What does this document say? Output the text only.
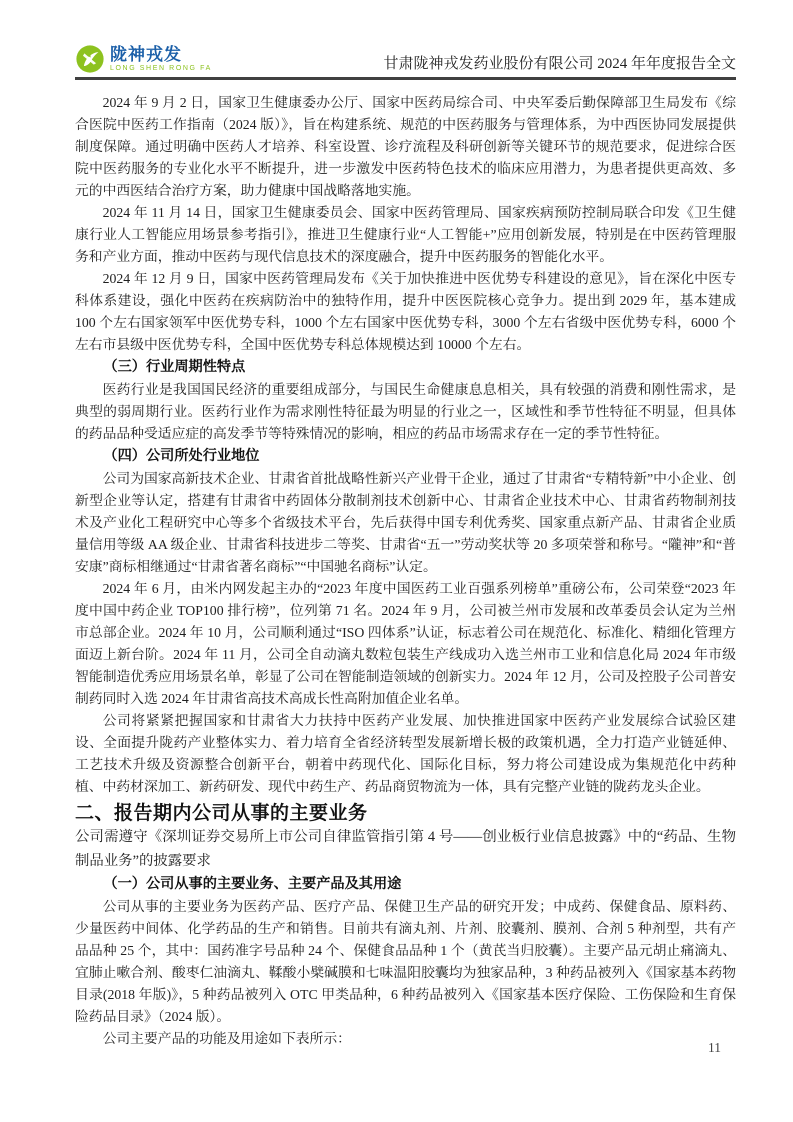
陇神戎发
LONG SHEN RONG FA	甘肃陇神戎发药业股份有限公司 2024 年年度报告全文

2024 年 9 月 2 日，国家卫生健康委办公厅、国家中医药局综合司、中央军委后勤保障部卫生局发布《综合医院中医药工作指南（2024 版）》，旨在构建系统、规范的中医药服务与管理体系，为中西医协同发展提供制度保障。通过明确中医药人才培养、科室设置、诊疗流程及科研创新等关键环节的规范要求，促进综合医院中医药服务的专业化水平不断提升，进一步激发中医药特色技术的临床应用潜力，为患者提供更高效、多元的中西医结合治疗方案，助力健康中国战略落地实施。

2024 年 11 月 14 日，国家卫生健康委员会、国家中医药管理局、国家疾病预防控制局联合印发《卫生健康行业人工智能应用场景参考指引》，推进卫生健康行业“人工智能+”应用创新发展，特别是在中医药管理服务和产业方面，推动中医药与现代信息技术的深度融合，提升中医药服务的智能化水平。

2024 年 12 月 9 日，国家中医药管理局发布《关于加快推进中医优势专科建设的意见》，旨在深化中医专科体系建设，强化中医药在疾病防治中的独特作用，提升中医医院核心竞争力。提出到 2029 年，基本建成 100 个左右国家领军中医优势专科，1000 个左右国家中医优势专科，3000 个左右省级中医优势专科，6000 个左右市县级中医优势专科，全国中医优势专科总体规模达到 10000 个左右。

（三）行业周期性特点

医药行业是我国国民经济的重要组成部分，与国民生命健康息息相关，具有较强的消费和刚性需求，是典型的弱周期行业。医药行业作为需求刚性特征最为明显的行业之一，区域性和季节性特征不明显，但具体的药品品种受适应症的高发季节等特殊情况的影响，相应的药品市场需求存在一定的季节性特征。

（四）公司所处行业地位

公司为国家高新技术企业、甘肃省首批战略性新兴产业骨干企业，通过了甘肃省“专精特新”中小企业、创新型企业等认定，搭建有甘肃省中药固体分散制剂技术创新中心、甘肃省企业技术中心、甘肃省药物制剂技术及产业化工程研究中心等多个省级技术平台，先后获得中国专利优秀奖、国家重点新产品、甘肃省企业质量信用等级 AA 级企业、甘肃省科技进步二等奖、甘肃省“五一”劳动奖状等 20 多项荣誉和称号。“隴神”和“普安康”商标相继通过“甘肃省著名商标”“中国驰名商标”认定。

2024 年 6 月，由米内网发起主办的“2023 年度中国医药工业百强系列榜单”重磅公布，公司荣登“2023 年度中国中药企业 TOP100 排行榜”，位列第 71 名。2024 年 9 月，公司被兰州市发展和改革委员会认定为兰州市总部企业。2024 年 10 月，公司顺利通过“ISO 四体系”认证，标志着公司在规范化、标准化、精细化管理方面迈上新台阶。2024 年 11 月，公司全自动滴丸数粒包装生产线成功入选兰州市工业和信息化局 2024 年市级智能制造优秀应用场景名单，彰显了公司在智能制造领域的创新实力。2024 年 12 月，公司及控股子公司普安制药同时入选 2024 年甘肃省高技术高成长性高附加值企业名单。

公司将紧紧把握国家和甘肃省大力扶持中医药产业发展、加快推进国家中医药产业发展综合试验区建设、全面提升陇药产业整体实力、着力培育全省经济转型发展新增长极的政策机遇，全力打造产业链延伸、工艺技术升级及资源整合创新平台，朝着中药现代化、国际化目标，努力将公司建设成为集规范化中药种植、中药材深加工、新药研发、现代中药生产、药品商贸物流为一体，具有完整产业链的陇药龙头企业。

二、报告期内公司从事的主要业务

公司需遵守《深圳证券交易所上市公司自律监管指引第 4 号——创业板行业信息披露》中的“药品、生物制品业务”的披露要求

（一）公司从事的主要业务、主要产品及其用途

公司从事的主要业务为医药产品、医疗产品、保健卫生产品的研究开发；中成药、保健食品、原料药、少量医药中间体、化学药品的生产和销售。目前共有滴丸剂、片剂、胶囊剂、膜剂、合剂 5 种剂型，共有产品品种 25 个，其中：国药准字号品种 24 个、保健食品品种 1 个（黄芪当归胶囊）。主要产品元胡止痛滴丸、宜肺止嗽合剂、酸枣仁油滴丸、鞣酸小檗碱膜和七味温阳胶囊均为独家品种，3 种药品被列入《国家基本药物目录(2018 年版)》，5 种药品被列入 OTC 甲类品种，6 种药品被列入《国家基本医疗保险、工伤保险和生育保险药品目录》（2024 版）。

公司主要产品的功能及用途如下表所示：

11
